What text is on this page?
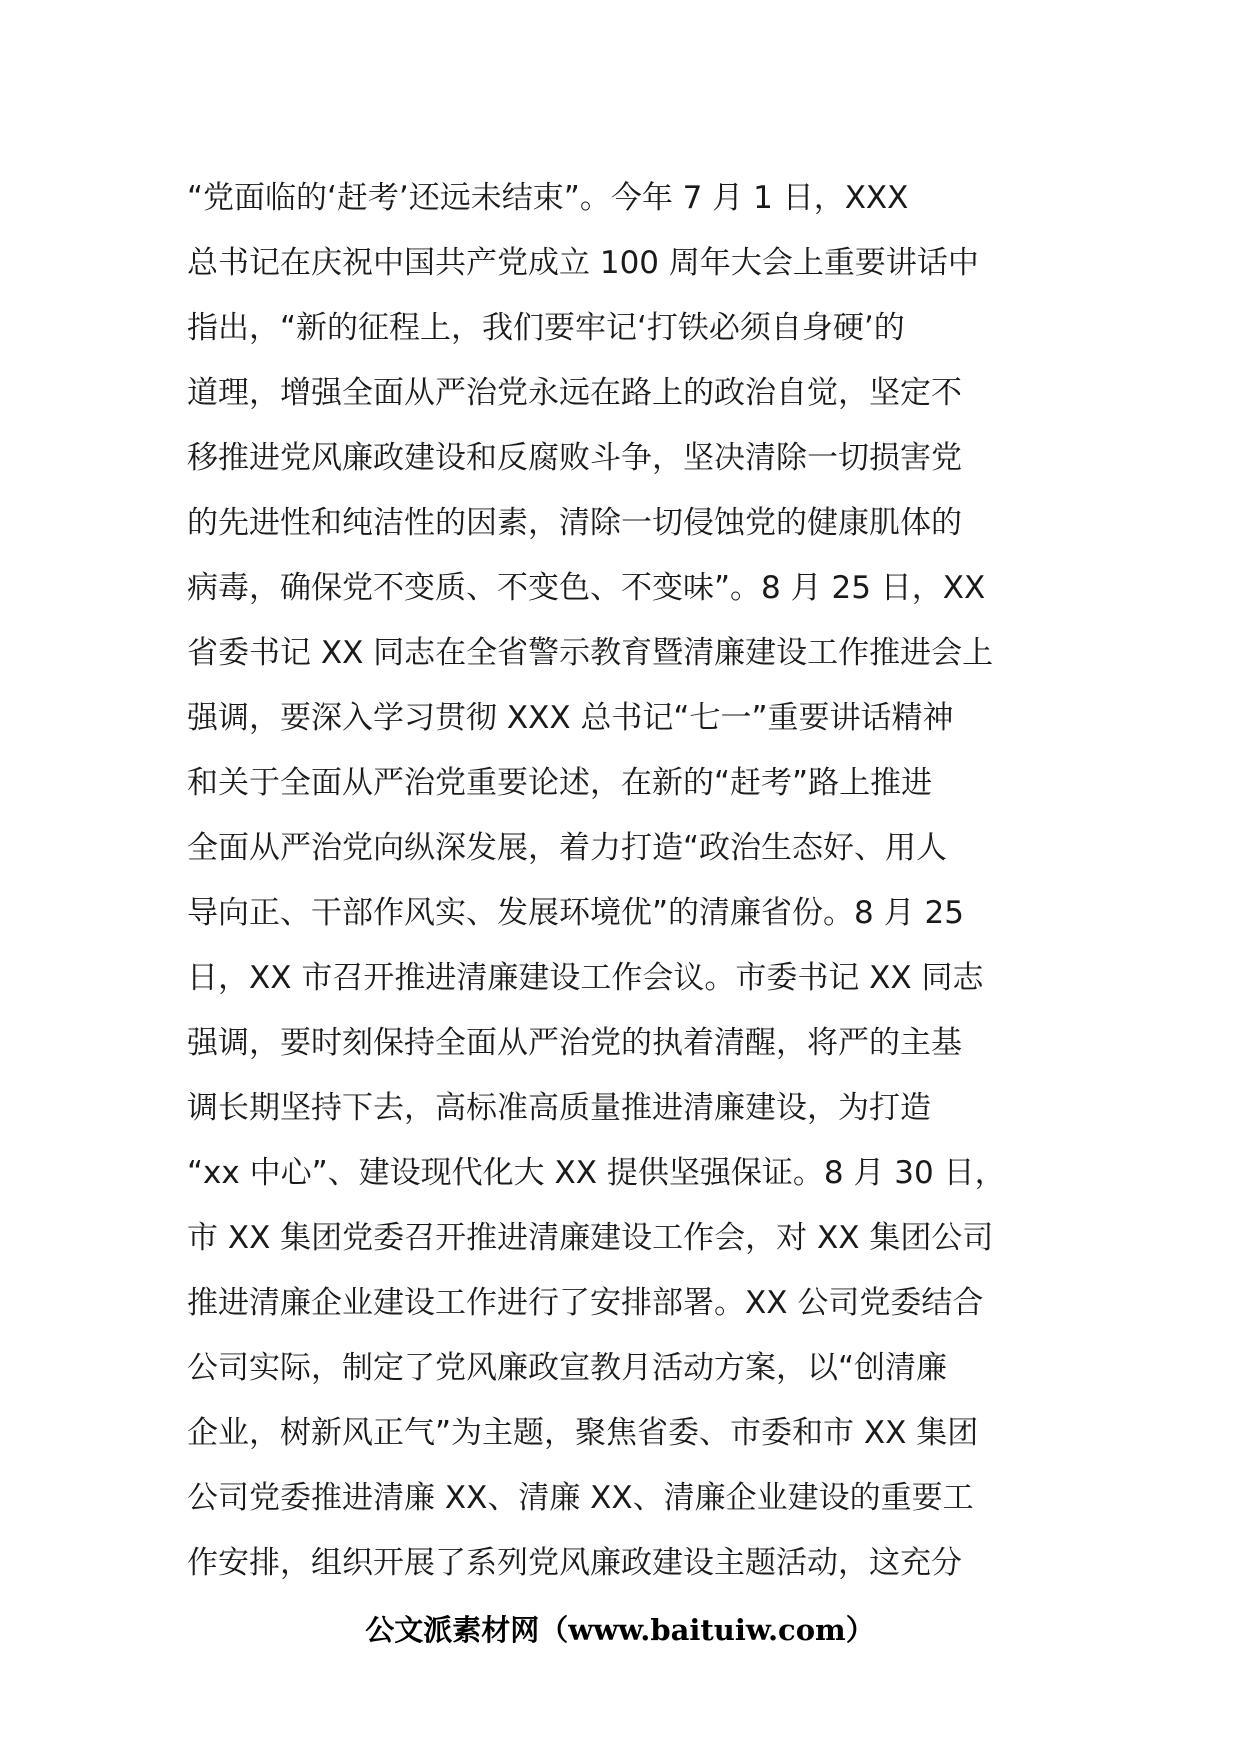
“党面临的‘赶考’还远未结束”。今年 7 月 1 日，XXX
总书记在庆祝中国共产党成立 100 周年大会上重要讲话中
指出，“新的征程上，我们要牢记‘打铁必须自身硬’的
道理，增强全面从严治党永远在路上的政治自觉，坚定不
移推进党风廉政建设和反腐败斗争，坚决清除一切损害党
的先进性和纯洁性的因素，清除一切侵蚀党的健康肌体的
病毒，确保党不变质、不变色、不变味”。8 月 25 日，XX
省委书记 XX 同志在全省警示教育暨清廉建设工作推进会上
强调，要深入学习贯彻 XXX 总书记“七一”重要讲话精神
和关于全面从严治党重要论述，在新的“赶考”路上推进
全面从严治党向纵深发展，着力打造“政治生态好、用人
导向正、干部作风实、发展环境优”的清廉省份。8 月 25
日，XX 市召开推进清廉建设工作会议。市委书记 XX 同志
强调，要时刻保持全面从严治党的执着清醒，将严的主基
调长期坚持下去，高标准高质量推进清廉建设，为打造
“xx 中心”、建设现代化大 XX 提供坚强保证。8 月 30 日，
市 XX 集团党委召开推进清廉建设工作会，对 XX 集团公司
推进清廉企业建设工作进行了安排部署。XX 公司党委结合
公司实际，制定了党风廉政宣教月活动方案，以“创清廉
企业，树新风正气”为主题，聚焦省委、市委和市 XX 集团
公司党委推进清廉 XX、清廉 XX、清廉企业建设的重要工
作安排，组织开展了系列党风廉政建设主题活动，这充分
公文派素材网（www.baituiw.com）
